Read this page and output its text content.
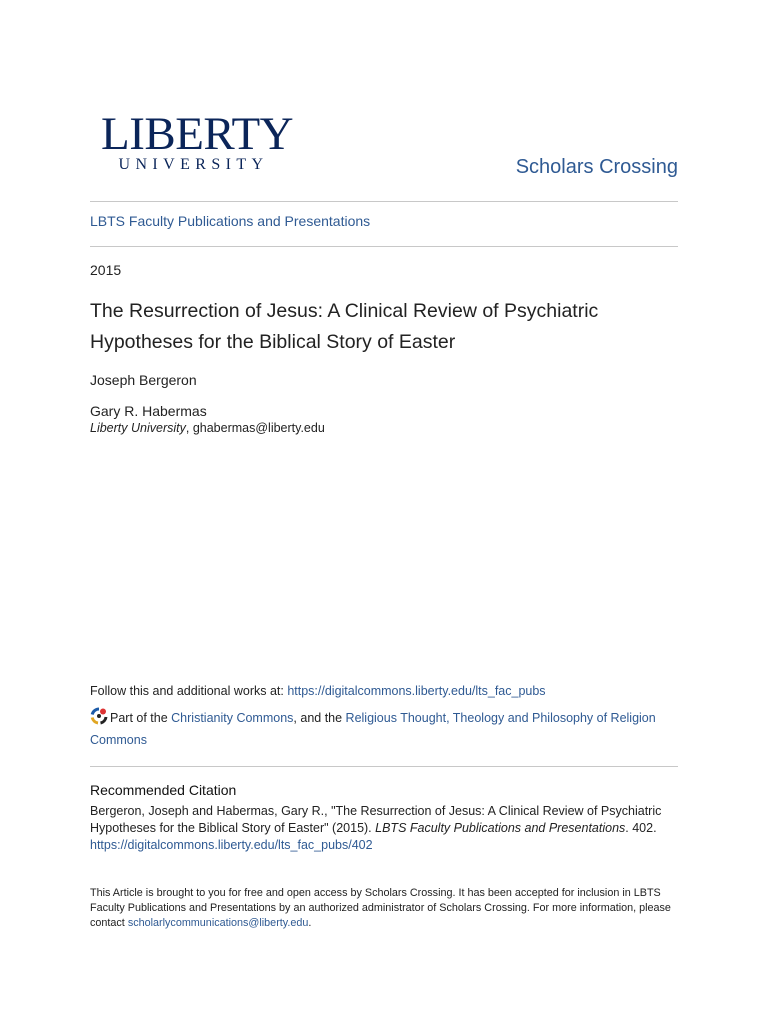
LIBERTY
UNIVERSITY	Scholars Crossing
LBTS Faculty Publications and Presentations
2015
The Resurrection of Jesus: A Clinical Review of Psychiatric Hypotheses for the Biblical Story of Easter
Joseph Bergeron
Gary R. Habermas
Liberty University, ghabermas@liberty.edu
Follow this and additional works at: https://digitalcommons.liberty.edu/lts_fac_pubs
Part of the Christianity Commons, and the Religious Thought, Theology and Philosophy of Religion Commons
Recommended Citation
Bergeron, Joseph and Habermas, Gary R., "The Resurrection of Jesus: A Clinical Review of Psychiatric Hypotheses for the Biblical Story of Easter" (2015). LBTS Faculty Publications and Presentations. 402.
https://digitalcommons.liberty.edu/lts_fac_pubs/402
This Article is brought to you for free and open access by Scholars Crossing. It has been accepted for inclusion in LBTS Faculty Publications and Presentations by an authorized administrator of Scholars Crossing. For more information, please contact scholarlycommunications@liberty.edu.
